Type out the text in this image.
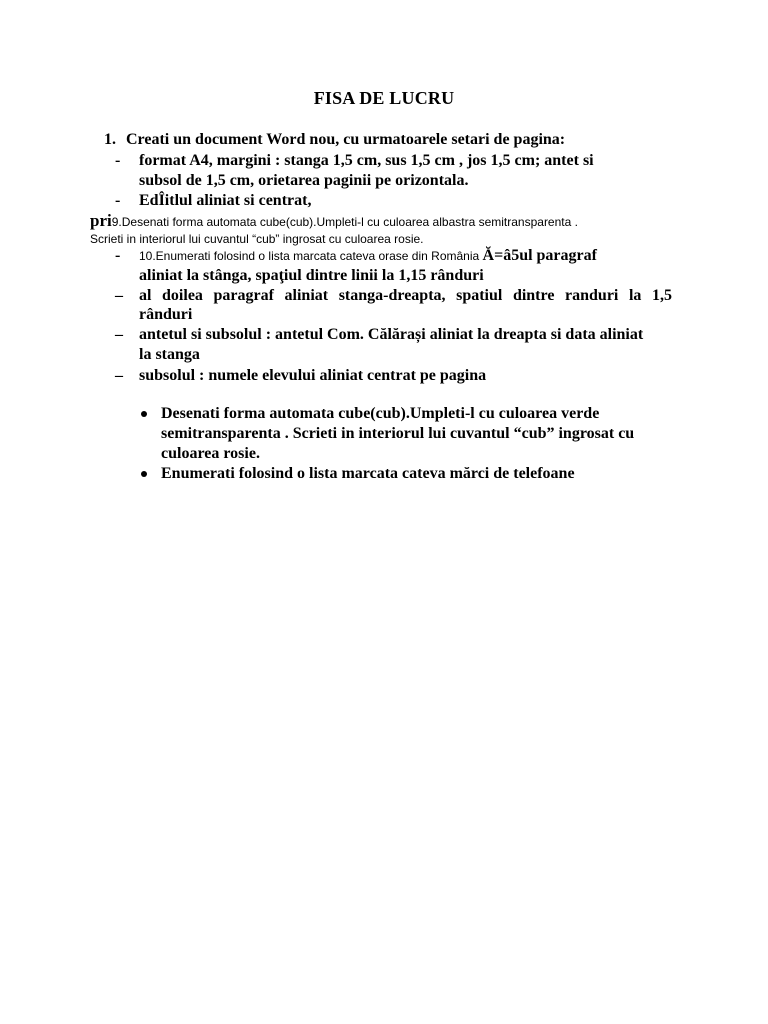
FISA DE LUCRU
1. Creati un document Word nou, cu urmatoarele setari de pagina:
- format A4, margini : stanga 1,5 cm, sus 1,5 cm , jos 1,5 cm; antet si
subsol de 1,5 cm, orietarea paginii pe orizontala.
- EdÎitlul aliniat si centrat,
pri9.Desenati forma automata cube(cub).Umpleti-l cu culoarea albastra semitransparenta .
Scrieti in interiorul lui cuvantul “cub” ingrosat cu culoarea rosie.
- 10.Enumerati folosind o lista marcata cateva orase din România Ă=â5ul paragraf
aliniat la stânga, spaţiul dintre linii la 1,15 rânduri
– al doilea paragraf aliniat stanga-dreapta, spatiul dintre randuri la 1,5
rânduri
– antetul si subsolul : antetul Com. Călărași aliniat la dreapta si data aliniat
la stanga
– subsolul : numele elevului aliniat centrat pe pagina
Desenati forma automata cube(cub).Umpleti-l cu culoarea verde
semitransparenta . Scrieti in interiorul lui cuvantul “cub” ingrosat cu
culoarea rosie.
Enumerati folosind o lista marcata cateva mărci de telefoane
